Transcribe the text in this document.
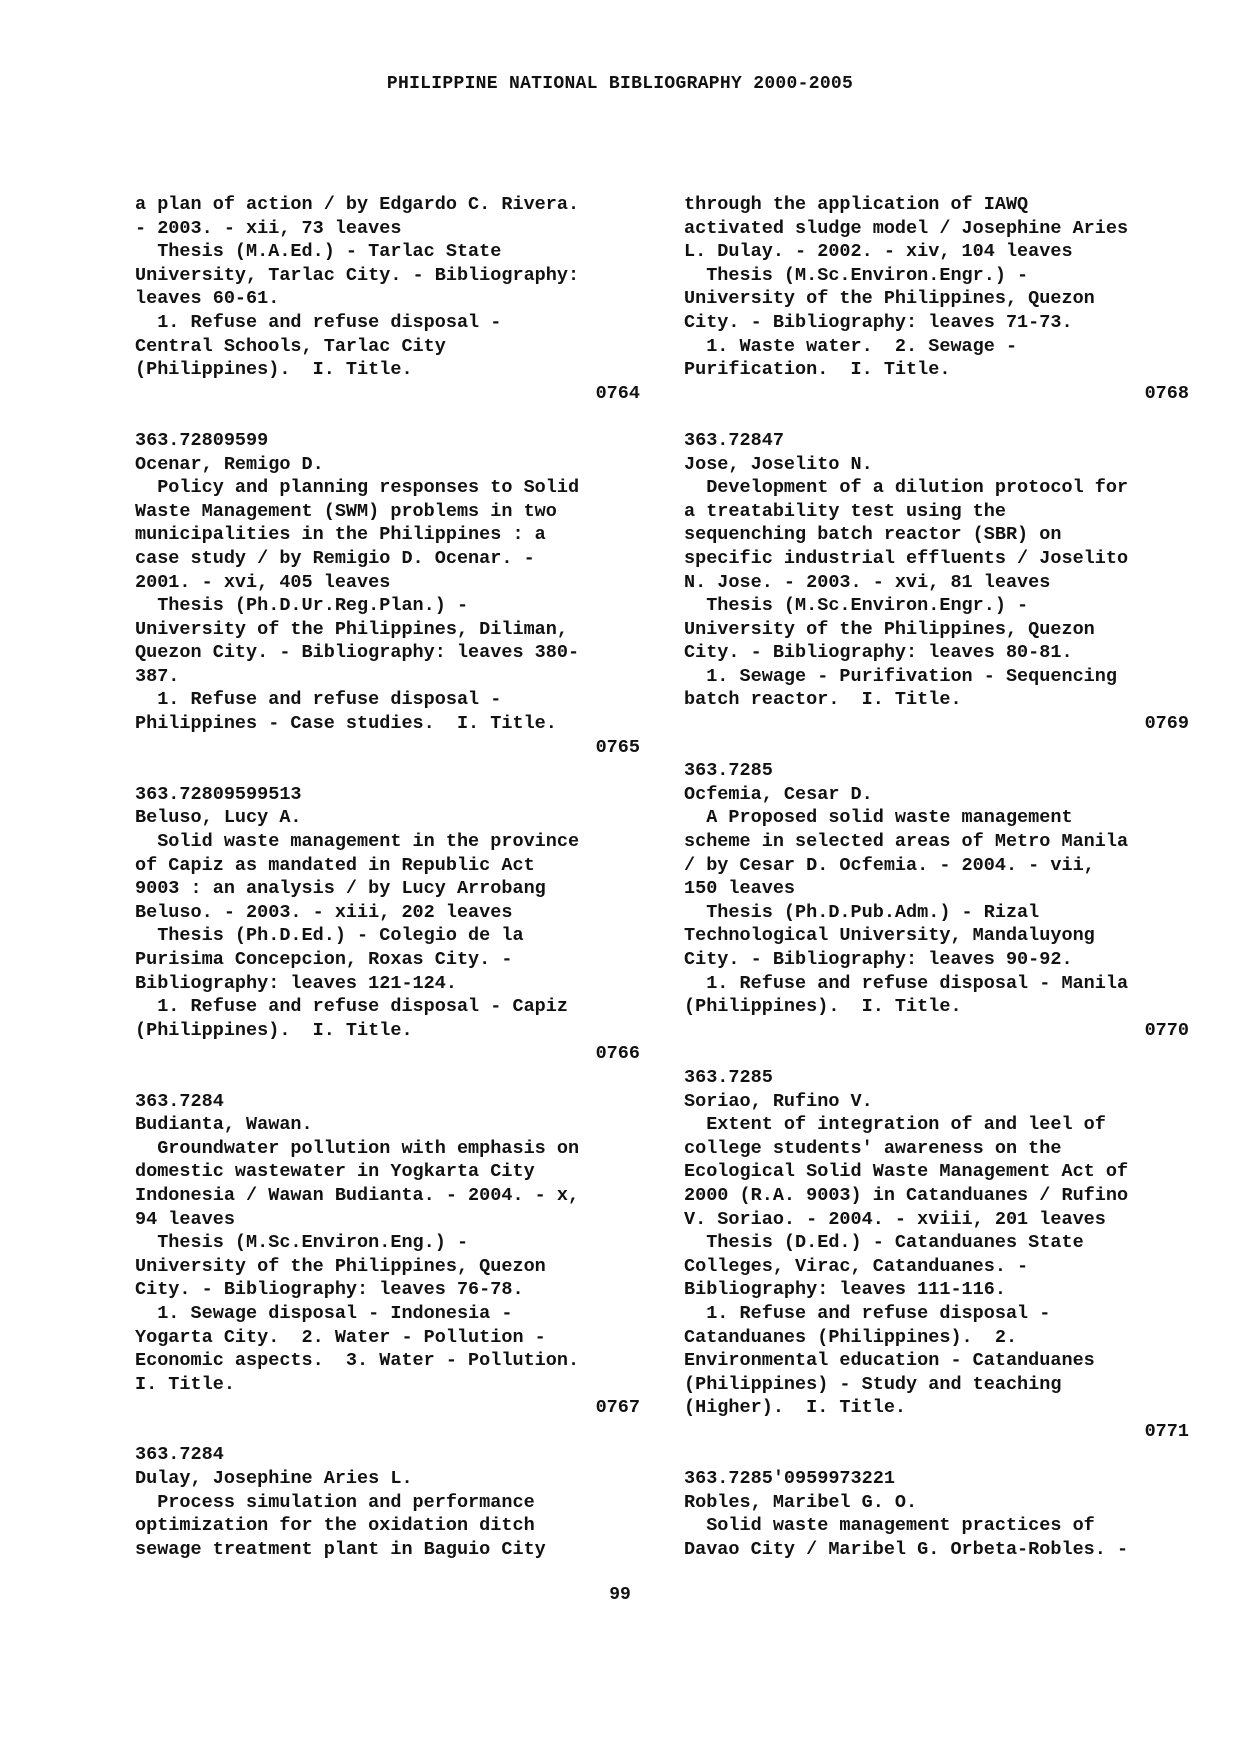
PHILIPPINE NATIONAL BIBLIOGRAPHY 2000-2005
a plan of action / by Edgardo C. Rivera.
- 2003. - xii, 73 leaves
Thesis (M.A.Ed.) - Tarlac State
University, Tarlac City. - Bibliography:
leaves 60-61.
1. Refuse and refuse disposal -
Central Schools, Tarlac City
(Philippines).  I. Title.
0764
363.72809599
Ocenar, Remigo D.
Policy and planning responses to Solid
Waste Management (SWM) problems in two
municipalities in the Philippines : a
case study / by Remigio D. Ocenar. -
2001. - xvi, 405 leaves
Thesis (Ph.D.Ur.Reg.Plan.) -
University of the Philippines, Diliman,
Quezon City. - Bibliography: leaves 380-
387.
1. Refuse and refuse disposal -
Philippines - Case studies.  I. Title.
0765
363.72809599513
Beluso, Lucy A.
Solid waste management in the province
of Capiz as mandated in Republic Act
9003 : an analysis / by Lucy Arrobang
Beluso. - 2003. - xiii, 202 leaves
Thesis (Ph.D.Ed.) - Colegio de la
Purisima Concepcion, Roxas City. -
Bibliography: leaves 121-124.
1. Refuse and refuse disposal - Capiz
(Philippines).  I. Title.
0766
363.7284
Budianta, Wawan.
Groundwater pollution with emphasis on
domestic wastewater in Yogkarta City
Indonesia / Wawan Budianta. - 2004. - x,
94 leaves
Thesis (M.Sc.Environ.Eng.) -
University of the Philippines, Quezon
City. - Bibliography: leaves 76-78.
1. Sewage disposal - Indonesia -
Yogarta City.  2. Water - Pollution -
Economic aspects.  3. Water - Pollution.
I. Title.
0767
363.7284
Dulay, Josephine Aries L.
Process simulation and performance
optimization for the oxidation ditch
sewage treatment plant in Baguio City
through the application of IAWQ
activated sludge model / Josephine Aries
L. Dulay. - 2002. - xiv, 104 leaves
Thesis (M.Sc.Environ.Engr.) -
University of the Philippines, Quezon
City. - Bibliography: leaves 71-73.
1. Waste water.  2. Sewage -
Purification.  I. Title.
0768
363.72847
Jose, Joselito N.
Development of a dilution protocol for
a treatability test using the
sequenching batch reactor (SBR) on
specific industrial effluents / Joselito
N. Jose. - 2003. - xvi, 81 leaves
Thesis (M.Sc.Environ.Engr.) -
University of the Philippines, Quezon
City. - Bibliography: leaves 80-81.
1. Sewage - Purifivation - Sequencing
batch reactor.  I. Title.
0769
363.7285
Ocfemia, Cesar D.
A Proposed solid waste management
scheme in selected areas of Metro Manila
/ by Cesar D. Ocfemia. - 2004. - vii,
150 leaves
Thesis (Ph.D.Pub.Adm.) - Rizal
Technological University, Mandaluyong
City. - Bibliography: leaves 90-92.
1. Refuse and refuse disposal - Manila
(Philippines).  I. Title.
0770
363.7285
Soriao, Rufino V.
Extent of integration of and leel of
college students' awareness on the
Ecological Solid Waste Management Act of
2000 (R.A. 9003) in Catanduanes / Rufino
V. Soriao. - 2004. - xviii, 201 leaves
Thesis (D.Ed.) - Catanduanes State
Colleges, Virac, Catanduanes. -
Bibliography: leaves 111-116.
1. Refuse and refuse disposal -
Catanduanes (Philippines).  2.
Environmental education - Catanduanes
(Philippines) - Study and teaching
(Higher).  I. Title.
0771
363.7285'0959973221
Robles, Maribel G. O.
Solid waste management practices of
Davao City / Maribel G. Orbeta-Robles. -
99
